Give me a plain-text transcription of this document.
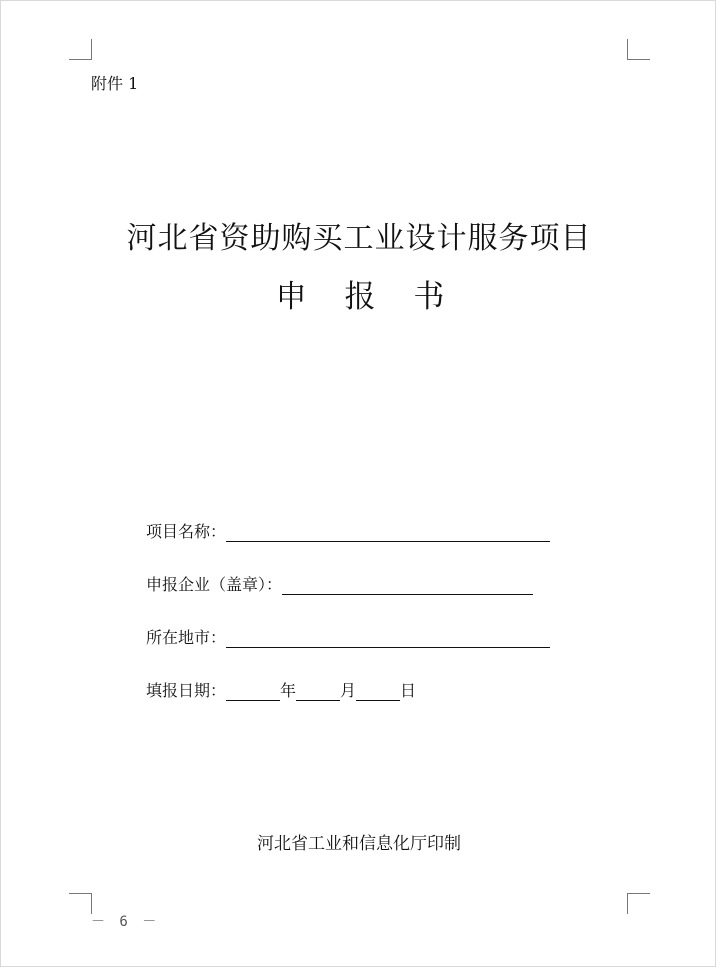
附件 1
河北省资助购买工业设计服务项目
申 报 书
项目名称：
申报企业（盖章）：
所在地市：
填报日期：	年	月	日
河北省工业和信息化厅印制
－ 6 －
